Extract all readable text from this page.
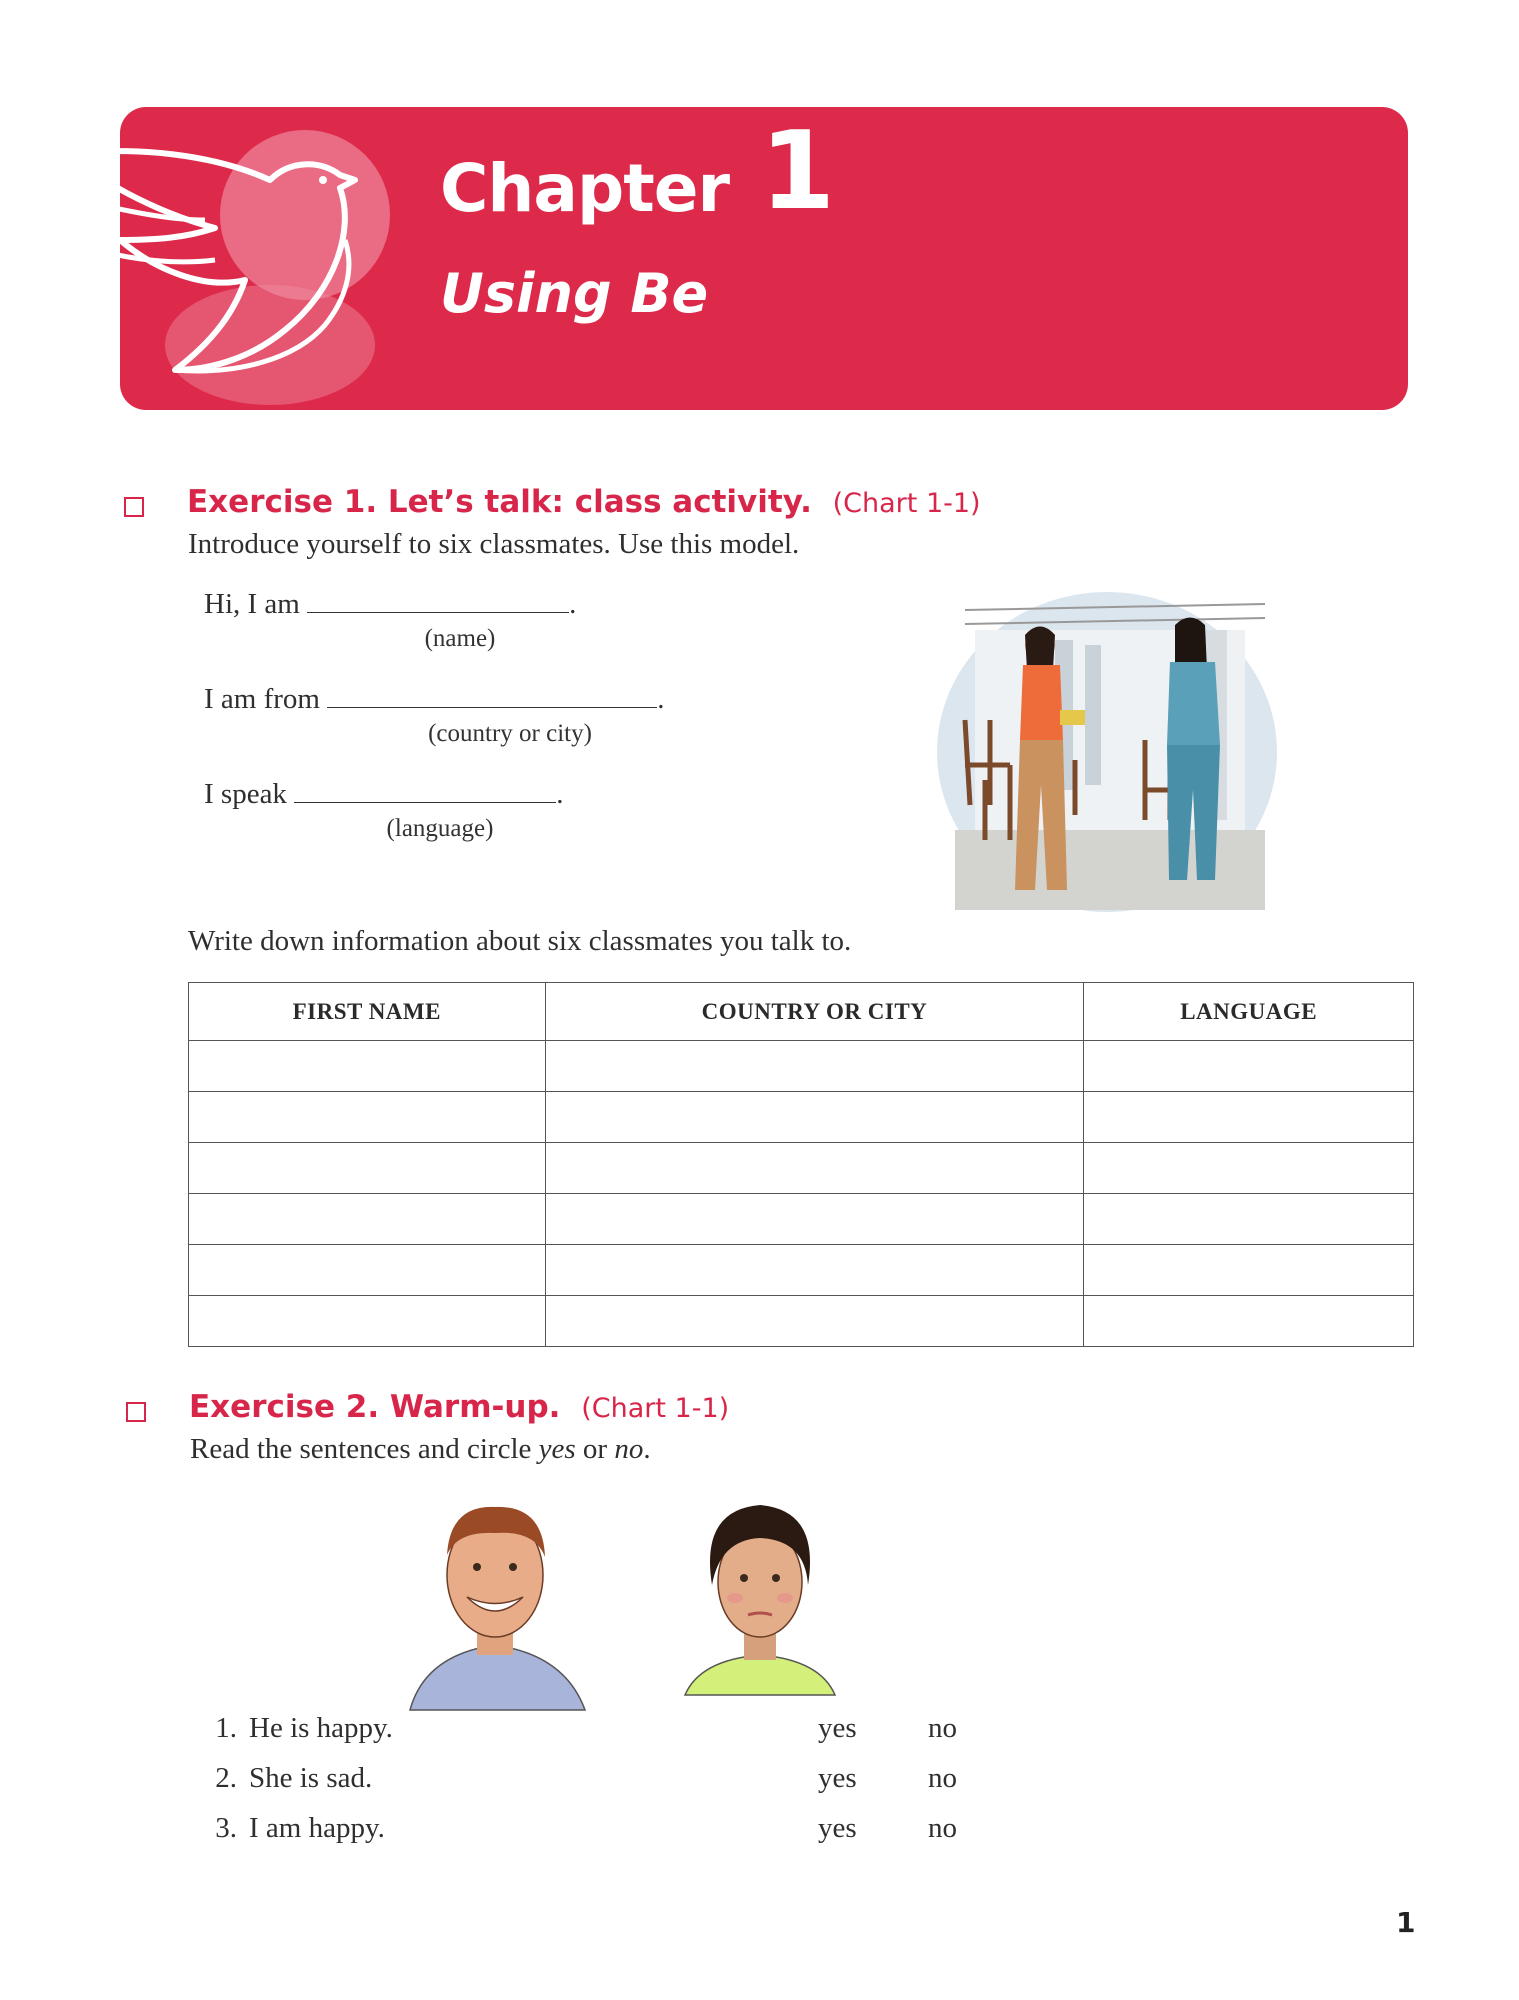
Chapter 1
Using Be
Exercise 1. Let’s talk: class activity. (Chart 1-1)
Introduce yourself to six classmates. Use this model.
Hi, I am	.
(name)
I am from	.
(country or city)
I speak	.
(language)
Write down information about six classmates you talk to.
FIRST NAME	COUNTRY OR CITY	LANGUAGE

Exercise 2. Warm-up. (Chart 1-1)
Read the sentences and circle yes or no.
1. He is happy.	yes no
2. She is sad.	yes no
3. I am happy.	yes no
1
